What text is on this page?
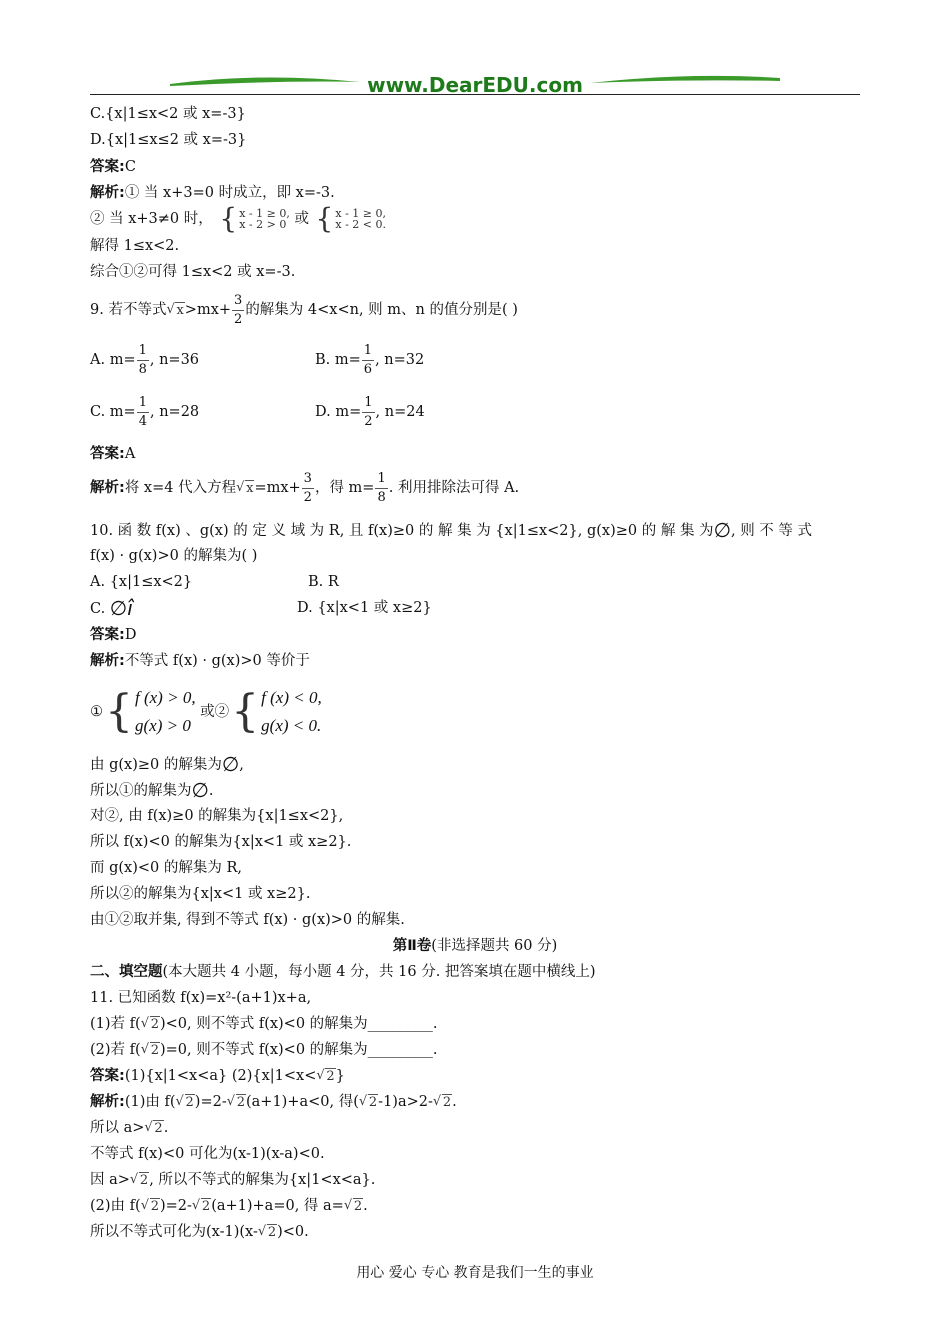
www.DearEDU.com
C.{x|1≤x<2 或 x=-3}
D.{x|1≤x≤2 或 x=-3}
答案:C
解析:① 当 x+3=0 时成立，即 x=-3.
② 当 x+3≠0 时， { x - 1 ≥ 0,
x - 2 > 0 或 { x - 1 ≥ 0,
x - 2 < 0.
解得 1≤x<2.
综合①②可得 1≤x<2 或 x=-3.
9. 若不等式 √ $x>mx+ \frac{3}{2}$ 的解集为 4<x<n, 则 m、n 的值分别是( )
A. $m= \frac{1}{8}$ , n=36	B. $m= \frac{1}{6}$ , n=32
C. $m= \frac{1}{4}$ , n=28	D. $m= \frac{1}{2}$ , n=24
答案:A
解析:将 x=4 代入方程 √ $x=mx+ \frac{3}{2}$ ，得 $m= \frac{1}{8}$ . 利用排除法可得 A.
10. 函 数 f(x) 、g(x) 的 定 义 域 为 R, 且 f(x)≥0 的 解 集 为 {x|1≤x<2}, g(x)≥0 的 解 集 为∅, 则 不 等 式
f(x) · g(x)>0 的解集为( )
A. {x|1≤x<2}	B. R
C. ∅î	D. {x|x<1 或 x≥2}
答案:D
解析:不等式 f(x) · g(x)>0 等价于
①{ f (x) > 0,
g(x) > 0 或②{ f (x) < 0,
g(x) < 0.
由 g(x)≥0 的解集为∅,
所以①的解集为∅.
对②, 由 f(x)≥0 的解集为{x|1≤x<2},
所以 f(x)<0 的解集为{x|x<1 或 x≥2}.
而 g(x)<0 的解集为 R,
所以②的解集为{x|x<1 或 x≥2}.
由①②取并集, 得到不等式 f(x) · g(x)>0 的解集.
第Ⅱ卷(非选择题共 60 分)
二、填空题(本大题共 4 小题，每小题 4 分，共 16 分. 把答案填在题中横线上)
11. 已知函数 f(x)=x²-(a+1)x+a,
(1)若 f( √ 2)<0, 则不等式 f(x)<0 的解集为_________.
(2)若 f( √ 2)=0, 则不等式 f(x)<0 的解集为_________.
答案:(1){x|1<x<a} (2){x|1<x< √ 2}
解析:(1)由 f( √ 2)=2- √ 2(a+1)+a<0, 得( √ 2-1)a>2- √ 2.
所以 a> √ 2.
不等式 f(x)<0 可化为(x-1)(x-a)<0.
因 a> √ 2, 所以不等式的解集为{x|1<x<a}.
(2)由 f( √ 2)=2- √ 2(a+1)+a=0, 得 a= √ 2.
所以不等式可化为(x-1)(x- √ 2)<0.
用心 爱心 专心 教育是我们一生的事业
